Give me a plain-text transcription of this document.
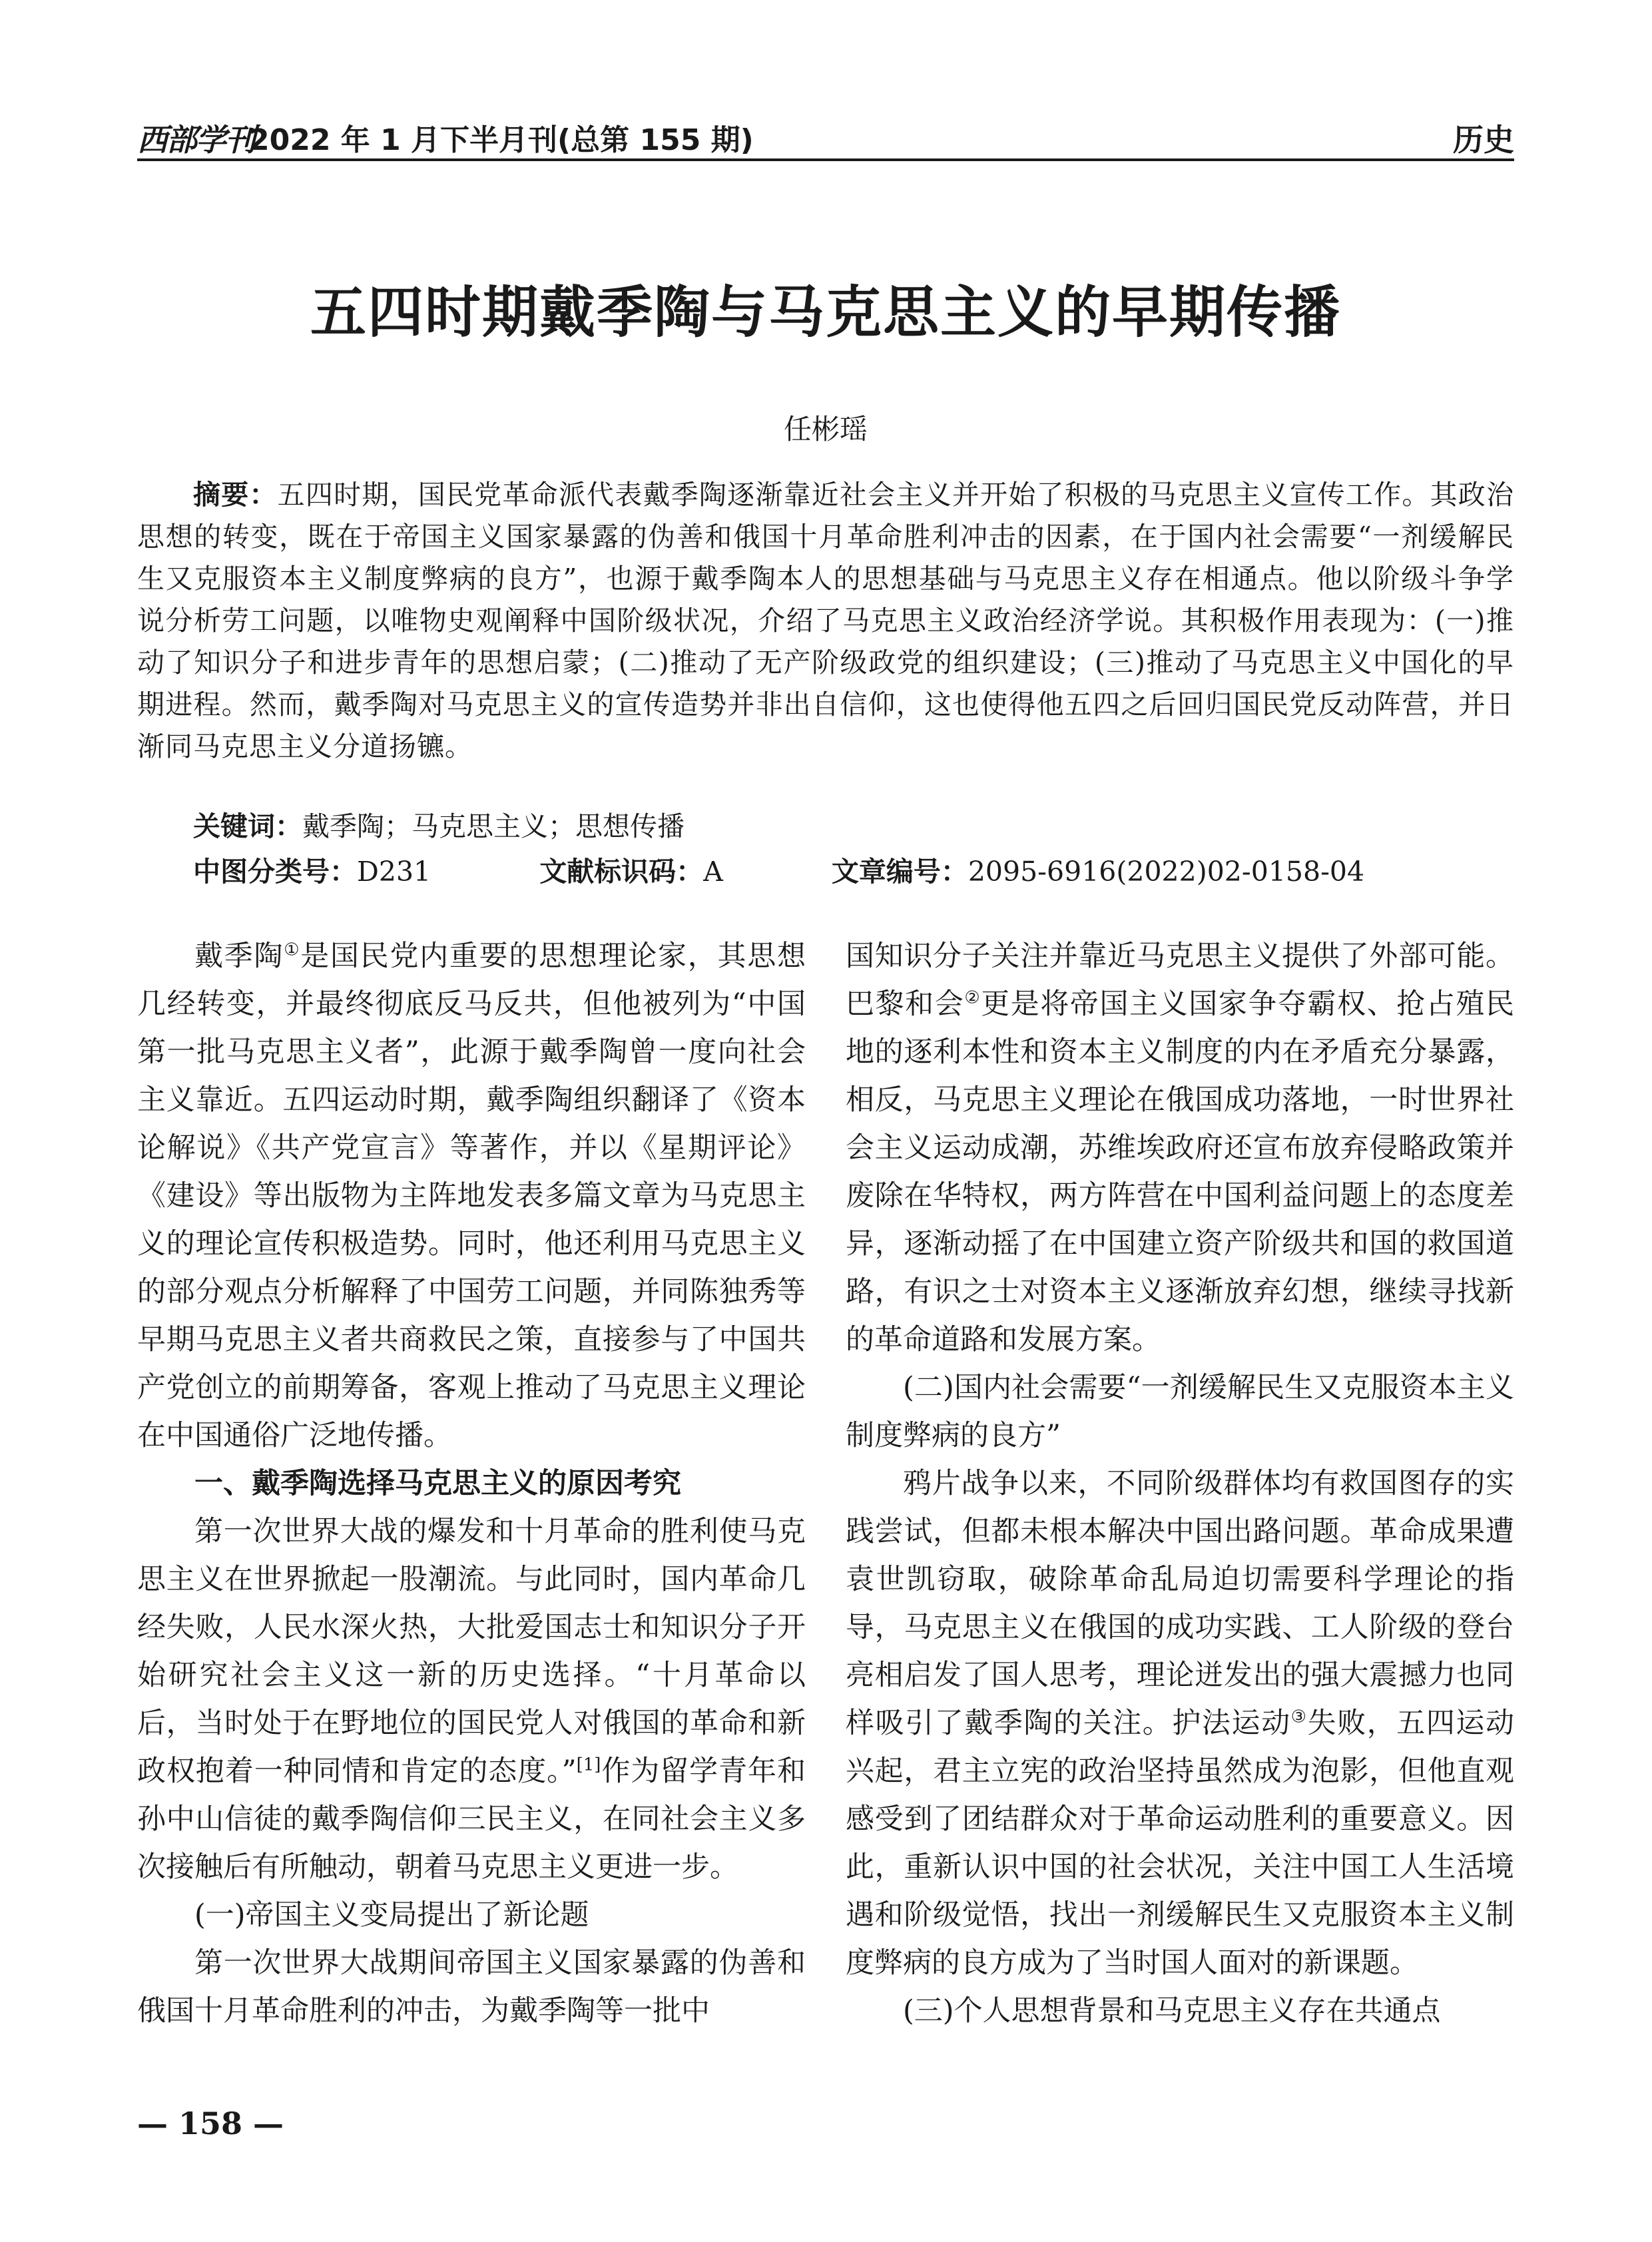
西部学刊
2022 年 1 月下半月刊(总第 155 期)	历史
五四时期戴季陶与马克思主义的早期传播
任彬瑶

摘要：五四时期，国民党革命派代表戴季陶逐渐靠近社会主义并开始了积极的马克思主义宣传工作。其政治思想的转变，既在于帝国主义国家暴露的伪善和俄国十月革命胜利冲击的因素，在于国内社会需要“一剂缓解民生又克服资本主义制度弊病的良方”，也源于戴季陶本人的思想基础与马克思主义存在相通点。他以阶级斗争学说分析劳工问题，以唯物史观阐释中国阶级状况，介绍了马克思主义政治经济学说。其积极作用表现为：(一)推动了知识分子和进步青年的思想启蒙；(二)推动了无产阶级政党的组织建设；(三)推动了马克思主义中国化的早期进程。然而，戴季陶对马克思主义的宣传造势并非出自信仰，这也使得他五四之后回归国民党反动阵营，并日渐同马克思主义分道扬镳。

关键词：戴季陶；马克思主义；思想传播
中图分类号：D231	文献标识码：A	文章编号：2095-6916(2022)02-0158-04

戴季陶①是国民党内重要的思想理论家，其思想几经转变，并最终彻底反马反共，但他被列为“中国第一批马克思主义者”，此源于戴季陶曾一度向社会主义靠近。五四运动时期，戴季陶组织翻译了《资本论解说》《共产党宣言》等著作，并以《星期评论》《建设》等出版物为主阵地发表多篇文章为马克思主义的理论宣传积极造势。同时，他还利用马克思主义的部分观点分析解释了中国劳工问题，并同陈独秀等早期马克思主义者共商救民之策，直接参与了中国共产党创立的前期筹备，客观上推动了马克思主义理论在中国通俗广泛地传播。

一、戴季陶选择马克思主义的原因考究

第一次世界大战的爆发和十月革命的胜利使马克思主义在世界掀起一股潮流。与此同时，国内革命几经失败，人民水深火热，大批爱国志士和知识分子开始研究社会主义这一新的历史选择。“十月革命以后，当时处于在野地位的国民党人对俄国的革命和新政权抱着一种同情和肯定的态度。”[1]作为留学青年和孙中山信徒的戴季陶信仰三民主义，在同社会主义多次接触后有所触动，朝着马克思主义更进一步。

(一)帝国主义变局提出了新论题

第一次世界大战期间帝国主义国家暴露的伪善和俄国十月革命胜利的冲击，为戴季陶等一批中

国知识分子关注并靠近马克思主义提供了外部可能。巴黎和会②更是将帝国主义国家争夺霸权、抢占殖民地的逐利本性和资本主义制度的内在矛盾充分暴露，相反，马克思主义理论在俄国成功落地，一时世界社会主义运动成潮，苏维埃政府还宣布放弃侵略政策并废除在华特权，两方阵营在中国利益问题上的态度差异，逐渐动摇了在中国建立资产阶级共和国的救国道路，有识之士对资本主义逐渐放弃幻想，继续寻找新的革命道路和发展方案。

(二)国内社会需要“一剂缓解民生又克服资本主义制度弊病的良方”

鸦片战争以来，不同阶级群体均有救国图存的实践尝试，但都未根本解决中国出路问题。革命成果遭袁世凯窃取，破除革命乱局迫切需要科学理论的指导，马克思主义在俄国的成功实践、工人阶级的登台亮相启发了国人思考，理论迸发出的强大震撼力也同样吸引了戴季陶的关注。护法运动③失败，五四运动兴起，君主立宪的政治坚持虽然成为泡影，但他直观感受到了团结群众对于革命运动胜利的重要意义。因此，重新认识中国的社会状况，关注中国工人生活境遇和阶级觉悟，找出一剂缓解民生又克服资本主义制度弊病的良方成为了当时国人面对的新课题。

(三)个人思想背景和马克思主义存在共通点

— 158 —
